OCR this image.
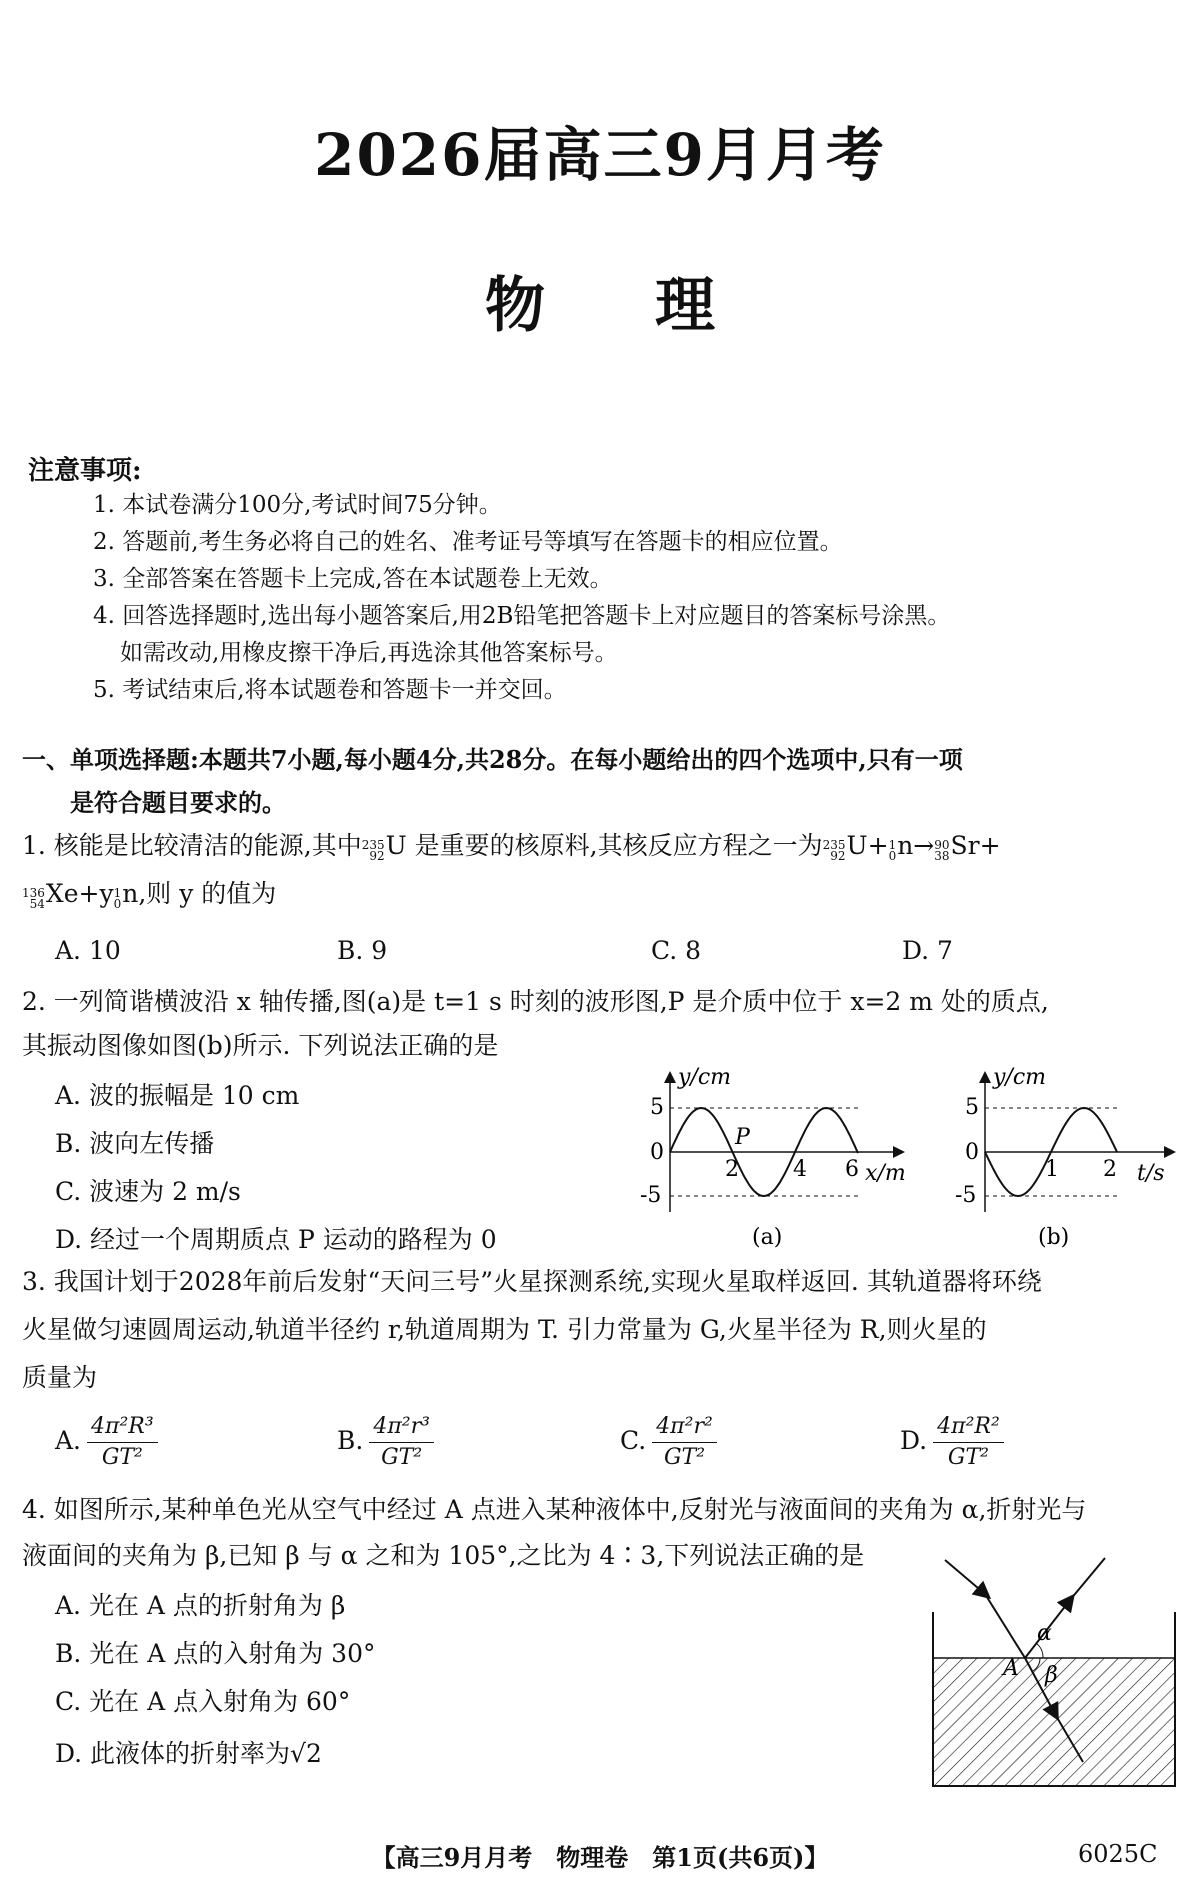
2026届高三9月月考
物理
注意事项:
1. 本试卷满分100分,考试时间75分钟。
2. 答题前,考生务必将自己的姓名、准考证号等填写在答题卡的相应位置。
3. 全部答案在答题卡上完成,答在本试题卷上无效。
4. 回答选择题时,选出每小题答案后,用2B铅笔把答题卡上对应题目的答案标号涂黑。
如需改动,用橡皮擦干净后,再选涂其他答案标号。
5. 考试结束后,将本试题卷和答题卡一并交回。
一、单项选择题:本题共7小题,每小题4分,共28分。在每小题给出的四个选项中,只有一项
是符合题目要求的。
1. 核能是比较清洁的能源,其中 235
92 U 是重要的核原料,其核反应方程之一为 235
92 U+ 1
0 n→ 90
38 Sr+
136
54 Xe+y 1
0 n,则 y 的值为
A. 10	B. 9	C. 8	D. 7
2. 一列简谐横波沿 x 轴传播,图(a)是 t=1 s 时刻的波形图,P 是介质中位于 x=2 m 处的质点,
其振动图像如图(b)所示. 下列说法正确的是
A. 波的振幅是 10 cm
B. 波向左传播
C. 波速为 2 m/s
D. 经过一个周期质点 P 运动的路程为 0
y/cm
x/m
5
0
-5
2 4 6
P
(a)
y/cm
t/s
5
0
-5
1 2
(b)
3. 我国计划于2028年前后发射“天问三号”火星探测系统,实现火星取样返回. 其轨道器将环绕
火星做匀速圆周运动,轨道半径约 r,轨道周期为 T. 引力常量为 G,火星半径为 R,则火星的
质量为
A. $\frac{\text{4π²R³}}{\text{GT²}}$	B. $\frac{\text{4π²r³}}{\text{GT²}}$	C. $\frac{\text{4π²r²}}{\text{GT²}}$	D. $\frac{\text{4π²R²}}{\text{GT²}}$
4. 如图所示,某种单色光从空气中经过 A 点进入某种液体中,反射光与液面间的夹角为 α,折射光与
液面间的夹角为 β,已知 β 与 α 之和为 105°,之比为 4∶3,下列说法正确的是
A. 光在 A 点的折射角为 β
B. 光在 A 点的入射角为 30°
C. 光在 A 点入射角为 60°
D. 此液体的折射率为√2
α
β
A
【高三9月月考　物理卷　第1页(共6页)】	6025C
